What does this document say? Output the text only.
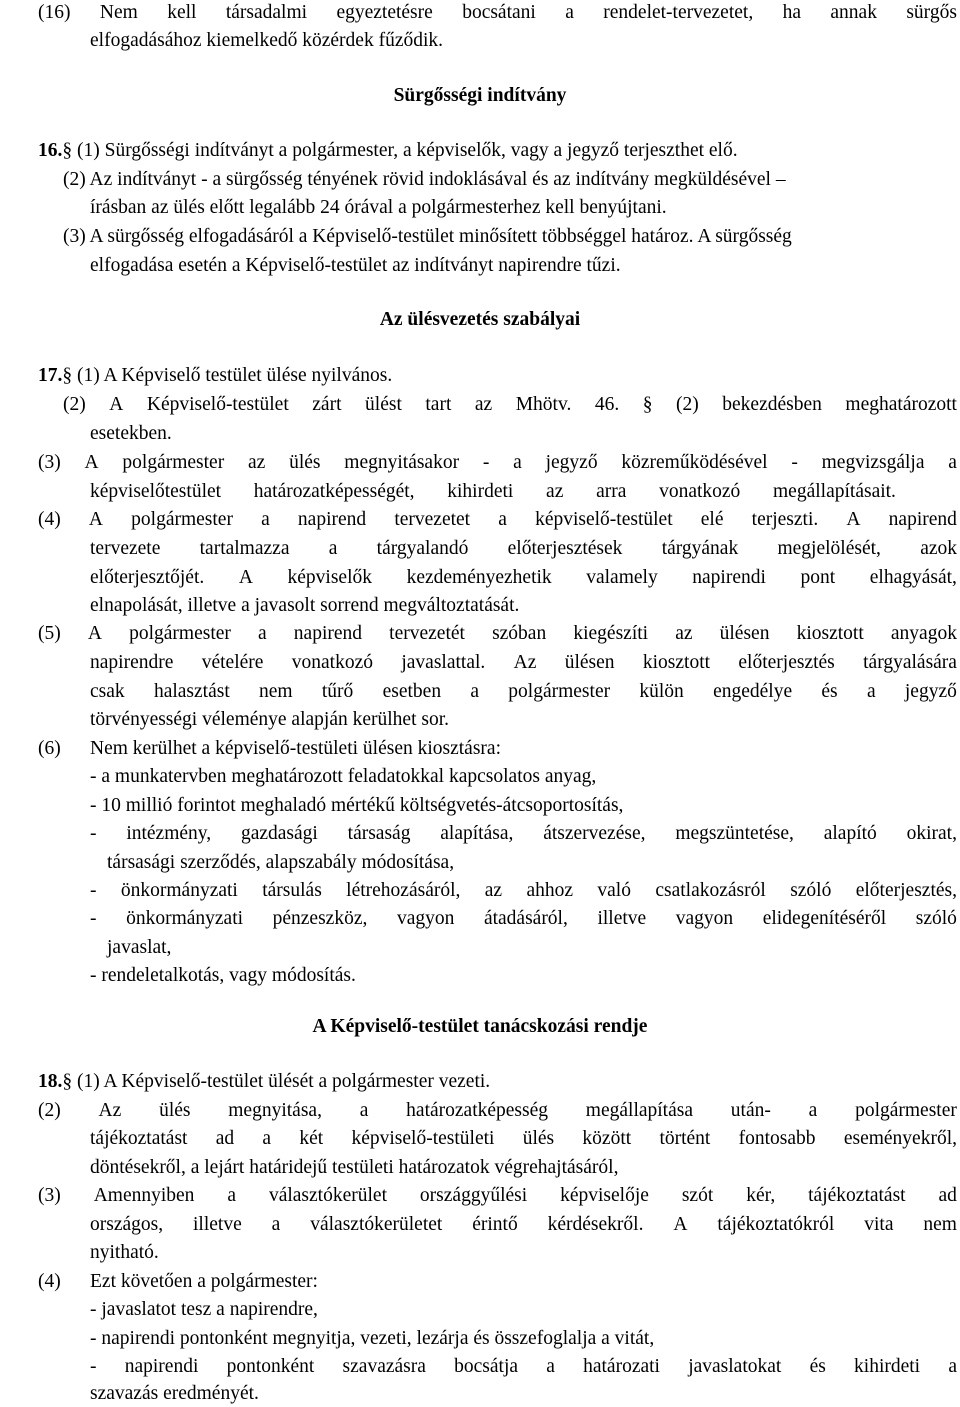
(16) Nem kell társadalmi egyeztetésre bocsátani a rendelet-tervezetet, ha annak sürgős
elfogadásához kiemelkedő közérdek fűződik.
Sürgősségi indítvány
16.§ (1) Sürgősségi indítványt a polgármester, a képviselők, vagy a jegyző terjeszthet elő.
(2) Az indítványt - a sürgősség tényének rövid indoklásával és az indítvány megküldésével –
írásban az ülés előtt legalább 24 órával a polgármesterhez kell benyújtani.
(3) A sürgősség elfogadásáról a Képviselő-testület minősített többséggel határoz. A sürgősség
elfogadása esetén a Képviselő-testület az indítványt napirendre tűzi.
Az ülésvezetés szabályai
17.§ (1) A Képviselő testület ülése nyilvános.
(2) A Képviselő-testület zárt ülést tart az Mhötv. 46. § (2) bekezdésben meghatározott
esetekben.
(3) A polgármester az ülés megnyitásakor - a jegyző közreműködésével - megvizsgálja a
képviselőtestület határozatképességét, kihirdeti az arra vonatkozó megállapításait.
(4) A polgármester a napirend tervezetet a képviselő-testület elé terjeszti. A napirend
tervezete tartalmazza a tárgyalandó előterjesztések tárgyának megjelölését, azok
előterjesztőjét. A képviselők kezdeményezhetik valamely napirendi pont elhagyását,
elnapolását, illetve a javasolt sorrend megváltoztatását.
(5) A polgármester a napirend tervezetét szóban kiegészíti az ülésen kiosztott anyagok
napirendre vételére vonatkozó javaslattal. Az ülésen kiosztott előterjesztés tárgyalására
csak halasztást nem tűrő esetben a polgármester külön engedélye és a jegyző
törvényességi véleménye alapján kerülhet sor.
(6) Nem kerülhet a képviselő-testületi ülésen kiosztásra:
- a munkatervben meghatározott feladatokkal kapcsolatos anyag,
- 10 millió forintot meghaladó mértékű költségvetés-átcsoportosítás,
- intézmény, gazdasági társaság alapítása, átszervezése, megszüntetése, alapító okirat,
társasági szerződés, alapszabály módosítása,
- önkormányzati társulás létrehozásáról, az ahhoz való csatlakozásról szóló előterjesztés,
- önkormányzati pénzeszköz, vagyon átadásáról, illetve vagyon elidegenítéséről szóló
javaslat,
- rendeletalkotás, vagy módosítás.
A Képviselő-testület tanácskozási rendje
18.§ (1) A Képviselő-testület ülését a polgármester vezeti.
(2) Az ülés megnyitása, a határozatképesség megállapítása után- a polgármester
tájékoztatást ad a két képviselő-testületi ülés között történt fontosabb eseményekről,
döntésekről, a lejárt határidejű testületi határozatok végrehajtásáról,
(3) Amennyiben a választókerület országgyűlési képviselője szót kér, tájékoztatást ad
országos, illetve a választókerületet érintő kérdésekről. A tájékoztatókról vita nem
nyitható.
(4) Ezt követően a polgármester:
- javaslatot tesz a napirendre,
- napirendi pontonként megnyitja, vezeti, lezárja és összefoglalja a vitát,
- napirendi pontonként szavazásra bocsátja a határozati javaslatokat és kihirdeti a
szavazás eredményét.
